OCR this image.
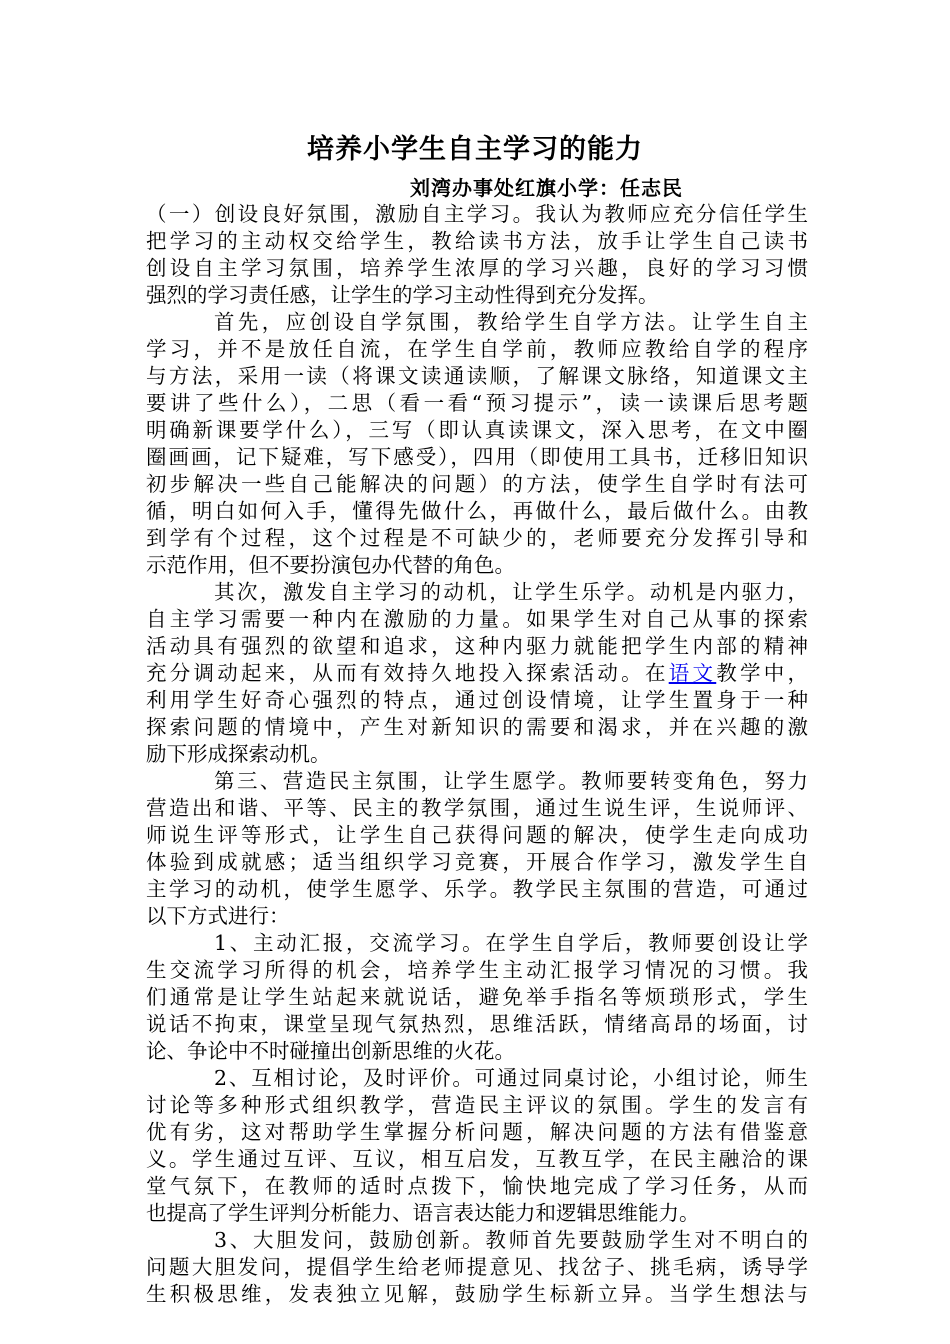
培养小学生自主学习的能力
刘湾办事处红旗小学：任志民
（一）创设良好氛围，激励自主学习。我认为教师应充分信任学生
把学习的主动权交给学生，教给读书方法，放手让学生自己读书
创设自主学习氛围，培养学生浓厚的学习兴趣，良好的学习习惯
强烈的学习责任感，让学生的学习主动性得到充分发挥。
首先，应创设自学氛围，教给学生自学方法。让学生自主
学习，并不是放任自流，在学生自学前，教师应教给自学的程序
与方法，采用一读（将课文读通读顺，了解课文脉络，知道课文主
要讲了些什么），二思（看一看“预习提示”，读一读课后思考题
明确新课要学什么），三写（即认真读课文，深入思考，在文中圈
圈画画，记下疑难，写下感受），四用（即使用工具书，迁移旧知识
初步解决一些自己能解决的问题）的方法，使学生自学时有法可
循，明白如何入手，懂得先做什么，再做什么，最后做什么。由教
到学有个过程，这个过程是不可缺少的，老师要充分发挥引导和
示范作用，但不要扮演包办代替的角色。
其次，激发自主学习的动机，让学生乐学。动机是内驱力，
自主学习需要一种内在激励的力量。如果学生对自己从事的探索
活动具有强烈的欲望和追求，这种内驱力就能把学生内部的精神
充分调动起来，从而有效持久地投入探索活动。在语文教学中，
利用学生好奇心强烈的特点，通过创设情境，让学生置身于一种
探索问题的情境中，产生对新知识的需要和渴求，并在兴趣的激
励下形成探索动机。
第三、营造民主氛围，让学生愿学。教师要转变角色，努力
营造出和谐、平等、民主的教学氛围，通过生说生评，生说师评、
师说生评等形式，让学生自己获得问题的解决，使学生走向成功
体验到成就感；适当组织学习竞赛，开展合作学习，激发学生自
主学习的动机，使学生愿学、乐学。教学民主氛围的营造，可通过
以下方式进行：
1、主动汇报，交流学习。在学生自学后，教师要创设让学
生交流学习所得的机会，培养学生主动汇报学习情况的习惯。我
们通常是让学生站起来就说话，避免举手指名等烦琐形式，学生
说话不拘束，课堂呈现气氛热烈，思维活跃，情绪高昂的场面，讨
论、争论中不时碰撞出创新思维的火花。
2、互相讨论，及时评价。可通过同桌讨论，小组讨论，师生
讨论等多种形式组织教学，营造民主评议的氛围。学生的发言有
优有劣，这对帮助学生掌握分析问题，解决问题的方法有借鉴意
义。学生通过互评、互议，相互启发，互教互学，在民主融洽的课
堂气氛下，在教师的适时点拨下，愉快地完成了学习任务，从而
也提高了学生评判分析能力、语言表达能力和逻辑思维能力。
3、大胆发问，鼓励创新。教师首先要鼓励学生对不明白的
问题大胆发问，提倡学生给老师提意见、找岔子、挑毛病，诱导学
生积极思维，发表独立见解，鼓励学生标新立异。当学生想法与
